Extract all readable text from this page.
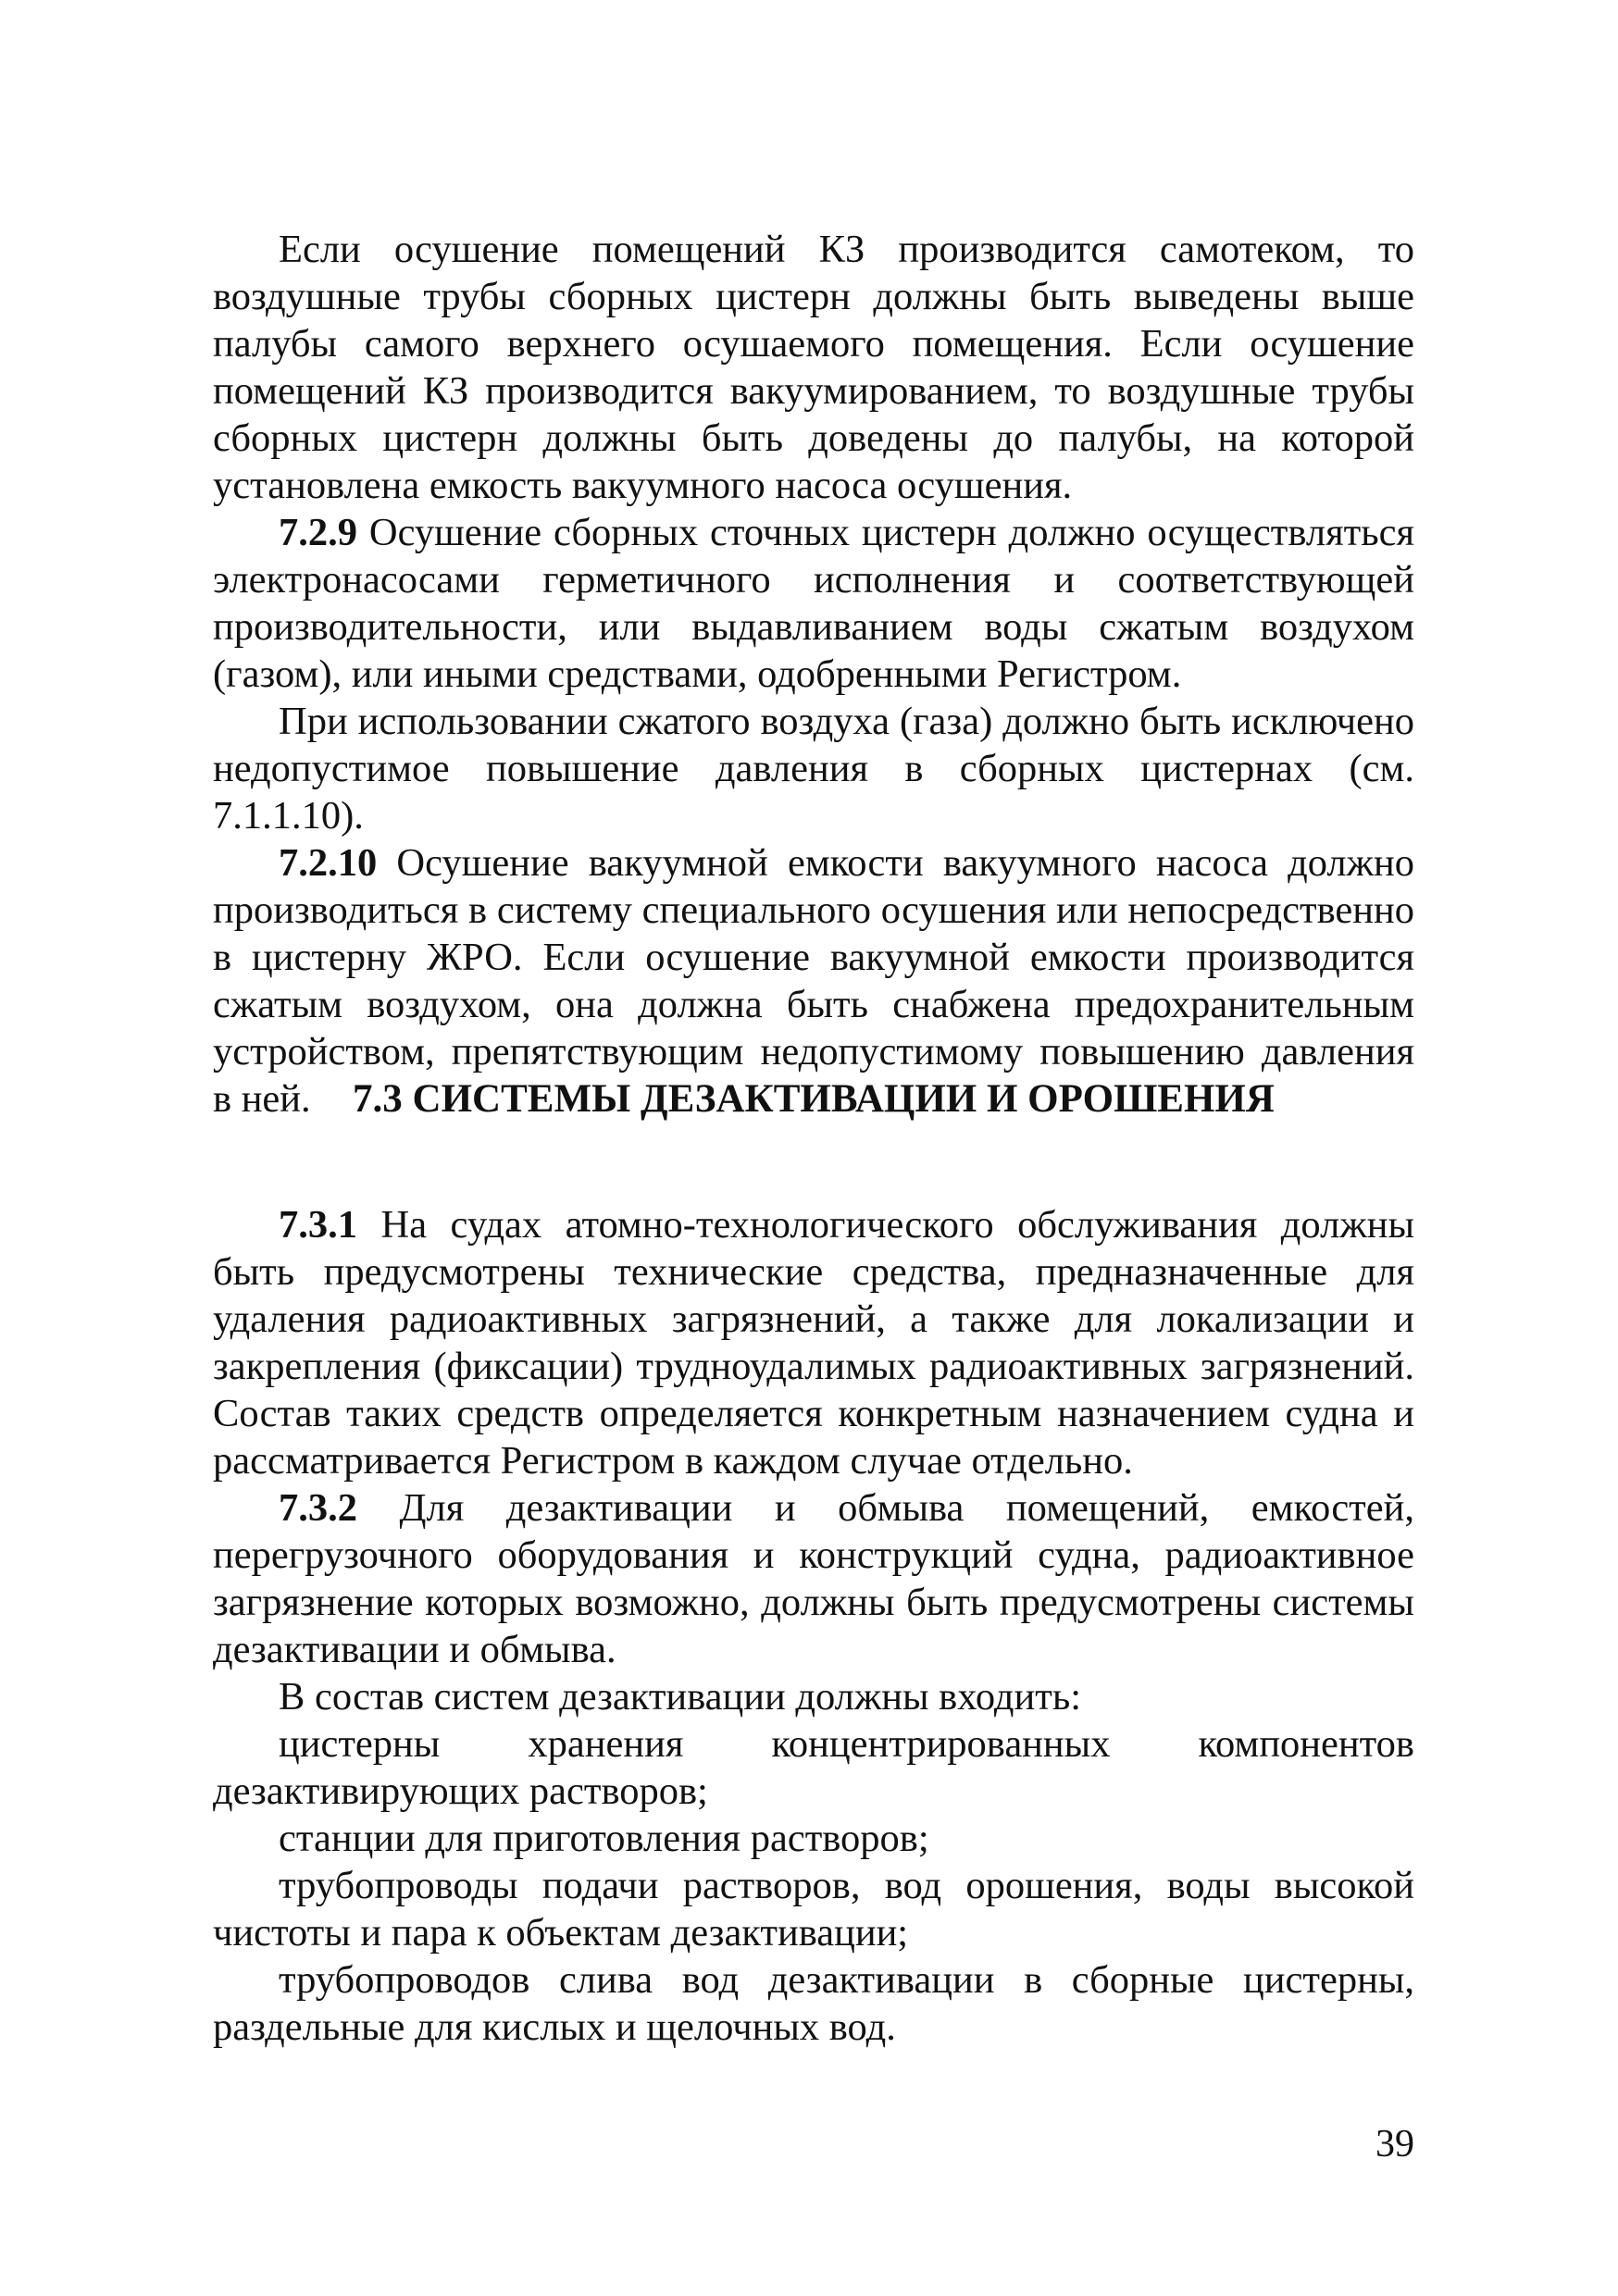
Если осушение помещений КЗ производится самотеком, то воздушные трубы сборных цистерн должны быть выведены выше палубы самого верхнего осушаемого помещения. Если осушение помещений КЗ производится вакуумированием, то воздушные трубы сборных цистерн должны быть доведены до палубы, на которой установлена емкость вакуумного насоса осушения.

7.2.9 Осушение сборных сточных цистерн должно осуществляться электронасосами герметичного исполнения и соответствующей производительности, или выдавливанием воды сжатым воздухом (газом), или иными средствами, одобренными Регистром.

При использовании сжатого воздуха (газа) должно быть исключено недопустимое повышение давления в сборных цистернах (см. 7.1.1.10).

7.2.10 Осушение вакуумной емкости вакуумного насоса должно производиться в систему специального осушения или непосредственно в цистерну ЖРО. Если осушение вакуумной емкости производится сжатым воздухом, она должна быть снабжена предохранительным устройством, препятствующим недопустимому повышению давления в ней.	7.3 СИСТЕМЫ ДЕЗАКТИВАЦИИ И ОРОШЕНИЯ

7.3.1 На судах атомно-технологического обслуживания должны быть предусмотрены технические средства, предназначенные для удаления радиоактивных загрязнений, а также для локализации и закрепления (фиксации) трудноудалимых радиоактивных загрязнений. Состав таких средств определяется конкретным назначением судна и рассматривается Регистром в каждом случае отдельно.

7.3.2 Для дезактивации и обмыва помещений, емкостей, перегрузочного оборудования и конструкций судна, радиоактивное загрязнение которых возможно, должны быть предусмотрены системы дезактивации и обмыва.

В состав систем дезактивации должны входить:

цистерны хранения концентрированных компонентов дезактивирующих растворов;

станции для приготовления растворов;

трубопроводы подачи растворов, вод орошения, воды высокой чистоты и пара к объектам дезактивации;

трубопроводов слива вод дезактивации в сборные цистерны, раздельные для кислых и щелочных вод.

39
